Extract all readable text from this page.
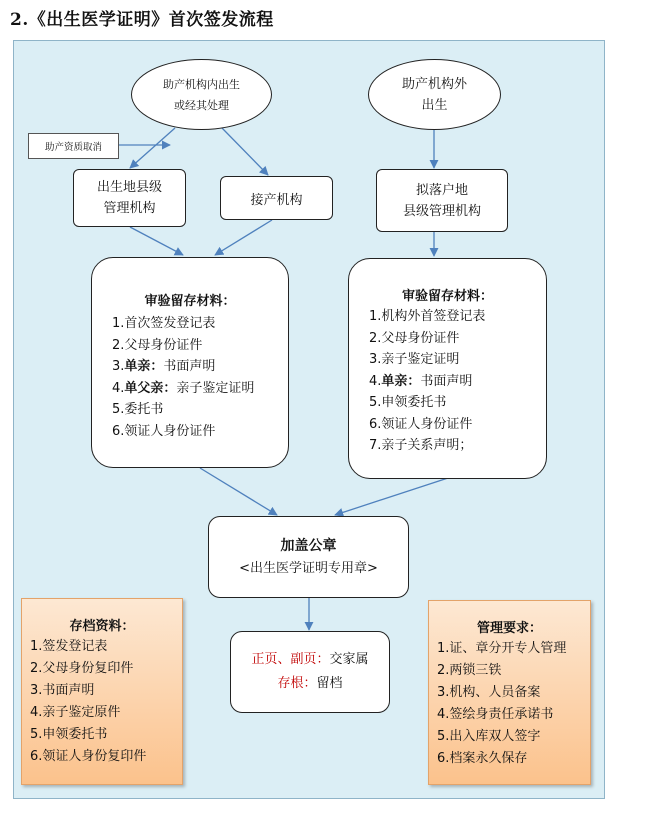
2.《出生医学证明》首次签发流程
助产机构内出生
或经其处理
助产机构外
出生
助产资质取消
出生地县级
管理机构
接产机构
拟落户地
县级管理机构
审验留存材料：
1.首次签发登记表
2.父母身份证件
3.单亲：书面声明
4.单父亲：亲子鉴定证明
5.委托书
6.领证人身份证件
审验留存材料：
1.机构外首签登记表
2.父母身份证件
3.亲子鉴定证明
4.单亲：书面声明
5.申领委托书
6.领证人身份证件
7.亲子关系声明；
加盖公章
<出生医学证明专用章>
正页、副页：交家属
存根：留档
存档资料：
1.签发登记表
2.父母身份复印件
3.书面声明
4.亲子鉴定原件
5.申领委托书
6.领证人身份复印件
管理要求：
1.证、章分开专人管理
2.两锁三铁
3.机构、人员备案
4.签绘身责任承诺书
5.出入库双人签字
6.档案永久保存
